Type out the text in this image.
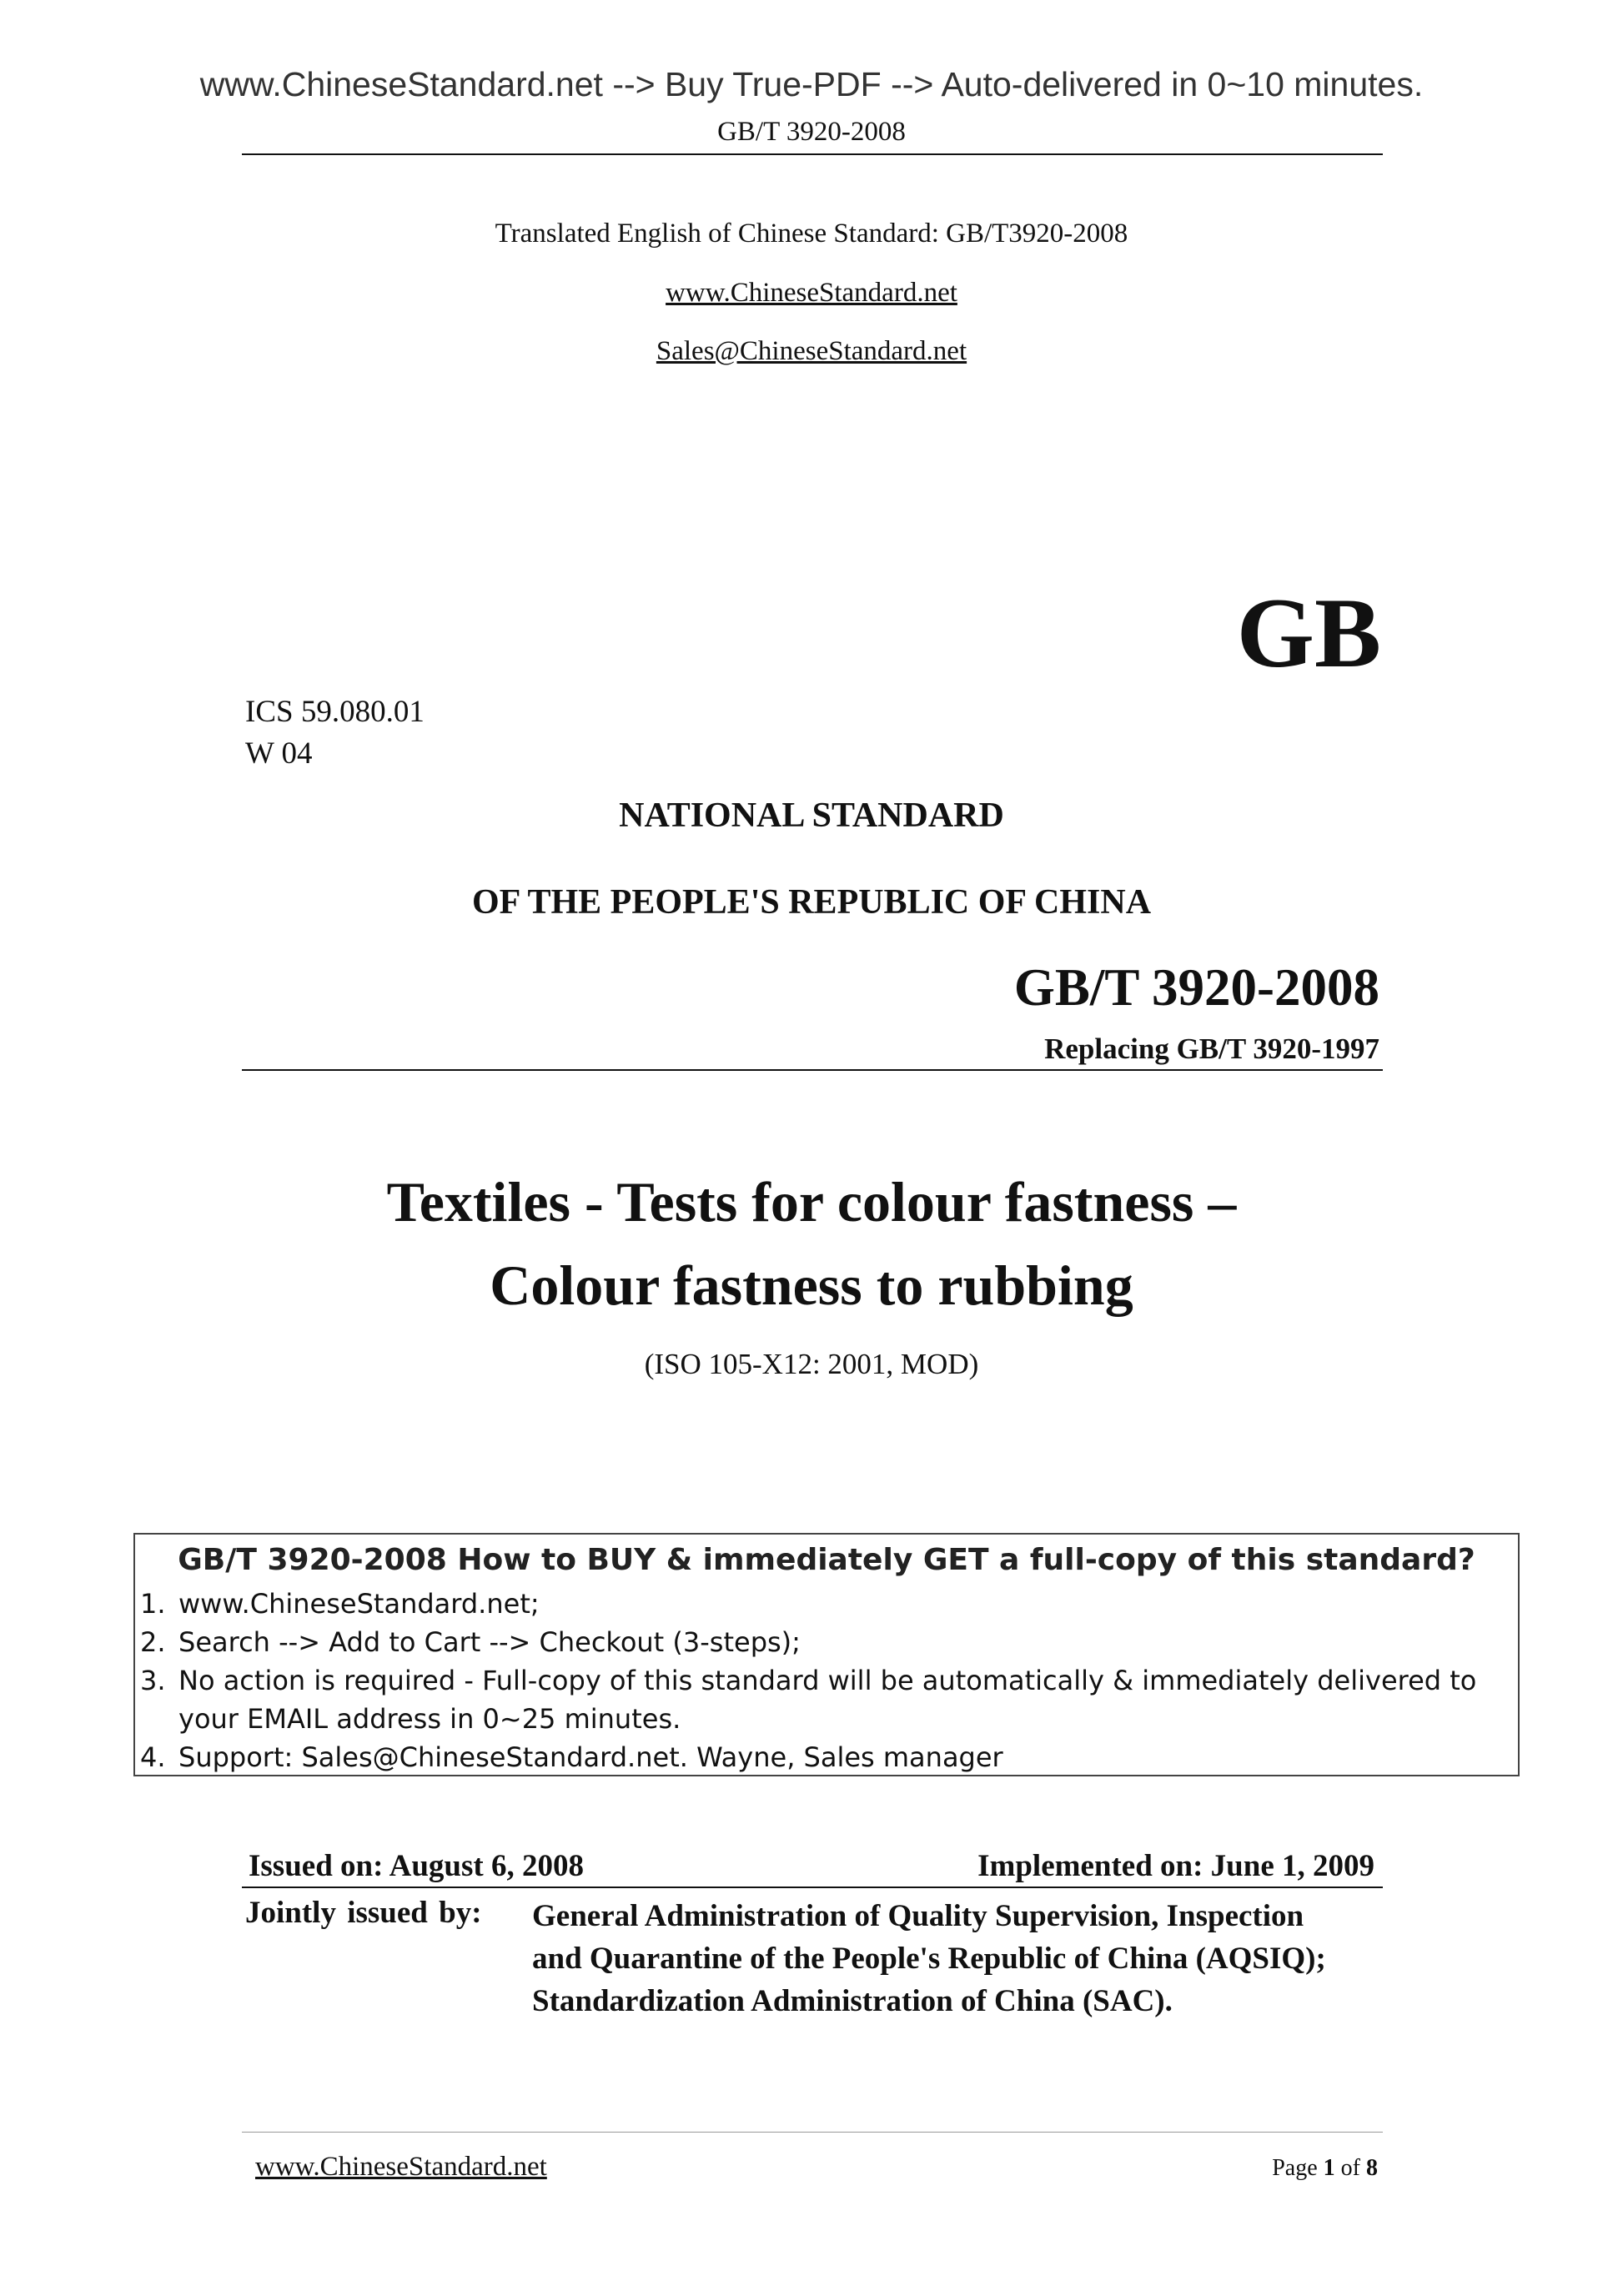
www.ChineseStandard.net --> Buy True-PDF --> Auto-delivered in 0~10 minutes.
GB/T 3920-2008
Translated English of Chinese Standard: GB/T3920-2008
www.ChineseStandard.net
Sales@ChineseStandard.net
GB
ICS 59.080.01
W 04
NATIONAL STANDARD
OF THE PEOPLE'S REPUBLIC OF CHINA
GB/T 3920-2008
Replacing GB/T 3920-1997
Textiles - Tests for colour fastness –
Colour fastness to rubbing
(ISO 105-X12: 2001, MOD)
GB/T 3920-2008 How to BUY & immediately GET a full-copy of this standard?
1. www.ChineseStandard.net;
2. Search --> Add to Cart --> Checkout (3-steps);
3. No action is required - Full-copy of this standard will be automatically & immediately delivered to
your EMAIL address in 0~25 minutes.
4. Support: Sales@ChineseStandard.net. Wayne, Sales manager
Issued on: August 6, 2008	Implemented on: June 1, 2009
Jointly issued by: General Administration of Quality Supervision, Inspection
and Quarantine of the People's Republic of China (AQSIQ);
Standardization Administration of China (SAC).
www.ChineseStandard.net	Page 1 of 8
